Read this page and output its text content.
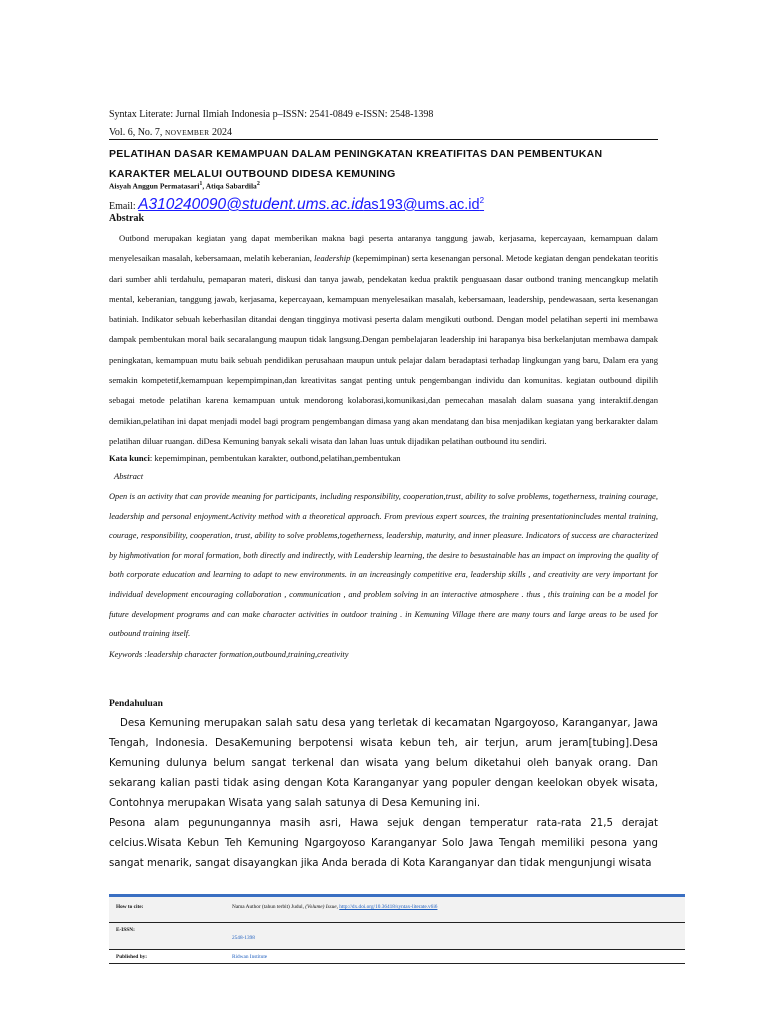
Syntax Literate: Jurnal Ilmiah Indonesia p–ISSN: 2541-0849 e-ISSN: 2548-1398
Vol. 6, No. 7, NOVEMBER 2024
PELATIHAN DASAR KEMAMPUAN DALAM PENINGKATAN KREATIFITAS DAN PEMBENTUKAN KARAKTER MELALUI OUTBOUND DIDESA KEMUNING
Aisyah Anggun Permatasari$^1$, Atiqa Sabardila$^2$
Email: $A310240090@student.ums.ac.idas193@ums.ac.id^2$
Abstrak
Outbond merupakan kegiatan yang dapat memberikan makna bagi peserta antaranya tanggung jawab, kerjasama, kepercayaan, kemampuan dalam menyelesaikan masalah, kebersamaan, melatih keberanian, leadership (kepemimpinan) serta kesenangan personal. Metode kegiatan dengan pendekatan teoritis dari sumber ahli terdahulu, pemaparan materi, diskusi dan tanya jawab, pendekatan kedua praktik penguasaan dasar outbond traning mencangkup melatih mental, keberanian, tanggung jawab, kerjasama, kepercayaan, kemampuan menyelesaikan masalah, kebersamaan, leadership, pendewasaan, serta kesenangan batiniah. Indikator sebuah keberhasilan ditandai dengan tingginya motivasi peserta dalam mengikuti outbond. Dengan model pelatihan seperti ini membawa dampak pembentukan moral baik secaralangung maupun tidak langsung.Dengan pembelajaran leadership ini harapanya bisa berkelanjutan membawa dampak peningkatan, kemampuan mutu baik sebuah pendidikan perusahaan maupun untuk pelajar dalam beradaptasi terhadap lingkungan yang baru, Dalam era yang semakin kompetetif,kemampuan kepempimpinan,dan kreativitas sangat penting untuk pengembangan individu dan komunitas. kegiatan outbound dipilih sebagai metode pelatihan karena kemampuan untuk mendorong kolaborasi,komunikasi,dan pemecahan masalah dalam suasana yang interaktif.dengan demikian,pelatihan ini dapat menjadi model bagi program pengembangan dimasa yang akan mendatang dan bisa menjadikan kegiatan yang berkarakter dalam pelatihan diluar ruangan. diDesa Kemuning banyak sekali wisata dan lahan luas untuk dijadikan pelatihan outbound itu sendiri.
Kata kunci: kepemimpinan, pembentukan karakter, outbond,pelatihan,pembentukan
Abstract
Open is an activity that can provide meaning for participants, including responsibility, cooperation,trust, ability to solve problems, togetherness, training courage, leadership and personal enjoyment.Activity method with a theoretical approach. From previous expert sources, the training presentationincludes mental training, courage, responsibility, cooperation, trust, ability to solve problems,togetherness, leadership, maturity, and inner pleasure. Indicators of success are characterized by highmotivation for moral formation, both directly and indirectly, with Leadership learning, the desire to besustainable has an impact on improving the quality of both corporate education and learning to adapt to new environments. in an increasingly competitive era, leadership skills , and creativity are very important for individual development encouraging collaboration , communication , and problem solving in an interactive atmosphere . thus , this training can be a model for future development programs and can make character activities in outdoor training . in Kemuning Village there are many tours and large areas to be used for outbound training itself.
Keywords :leadership character formation,outbound,training,creativity
Pendahuluan

Desa Kemuning merupakan salah satu desa yang terletak di kecamatan Ngargoyoso, Karanganyar, Jawa Tengah, Indonesia. DesaKemuning berpotensi wisata kebun teh, air terjun, arum jeram[tubing].Desa Kemuning dulunya belum sangat terkenal dan wisata yang belum diketahui oleh banyak orang. Dan sekarang kalian pasti tidak asing dengan Kota Karanganyar yang populer dengan keelokan obyek wisata, Contohnya merupakan Wisata yang salah satunya di Desa Kemuning ini.

Pesona alam pegunungannya masih asri, Hawa sejuk dengan temperatur rata-rata 21,5 derajat celcius.Wisata Kebun Teh Kemuning Ngargoyoso Karanganyar Solo Jawa Tengah memiliki pesona yang sangat menarik, sangat disayangkan jika Anda berada di Kota Karanganyar dan tidak mengunjungi wisata

How to cite:	Nama Author (tahun terbit) Judul, (Volume) Issue, http://dx.doi.org/10.36418/syntax-literate.v6i6
E-ISSN:	2548-1398
Published by:	Ridwan Institute
